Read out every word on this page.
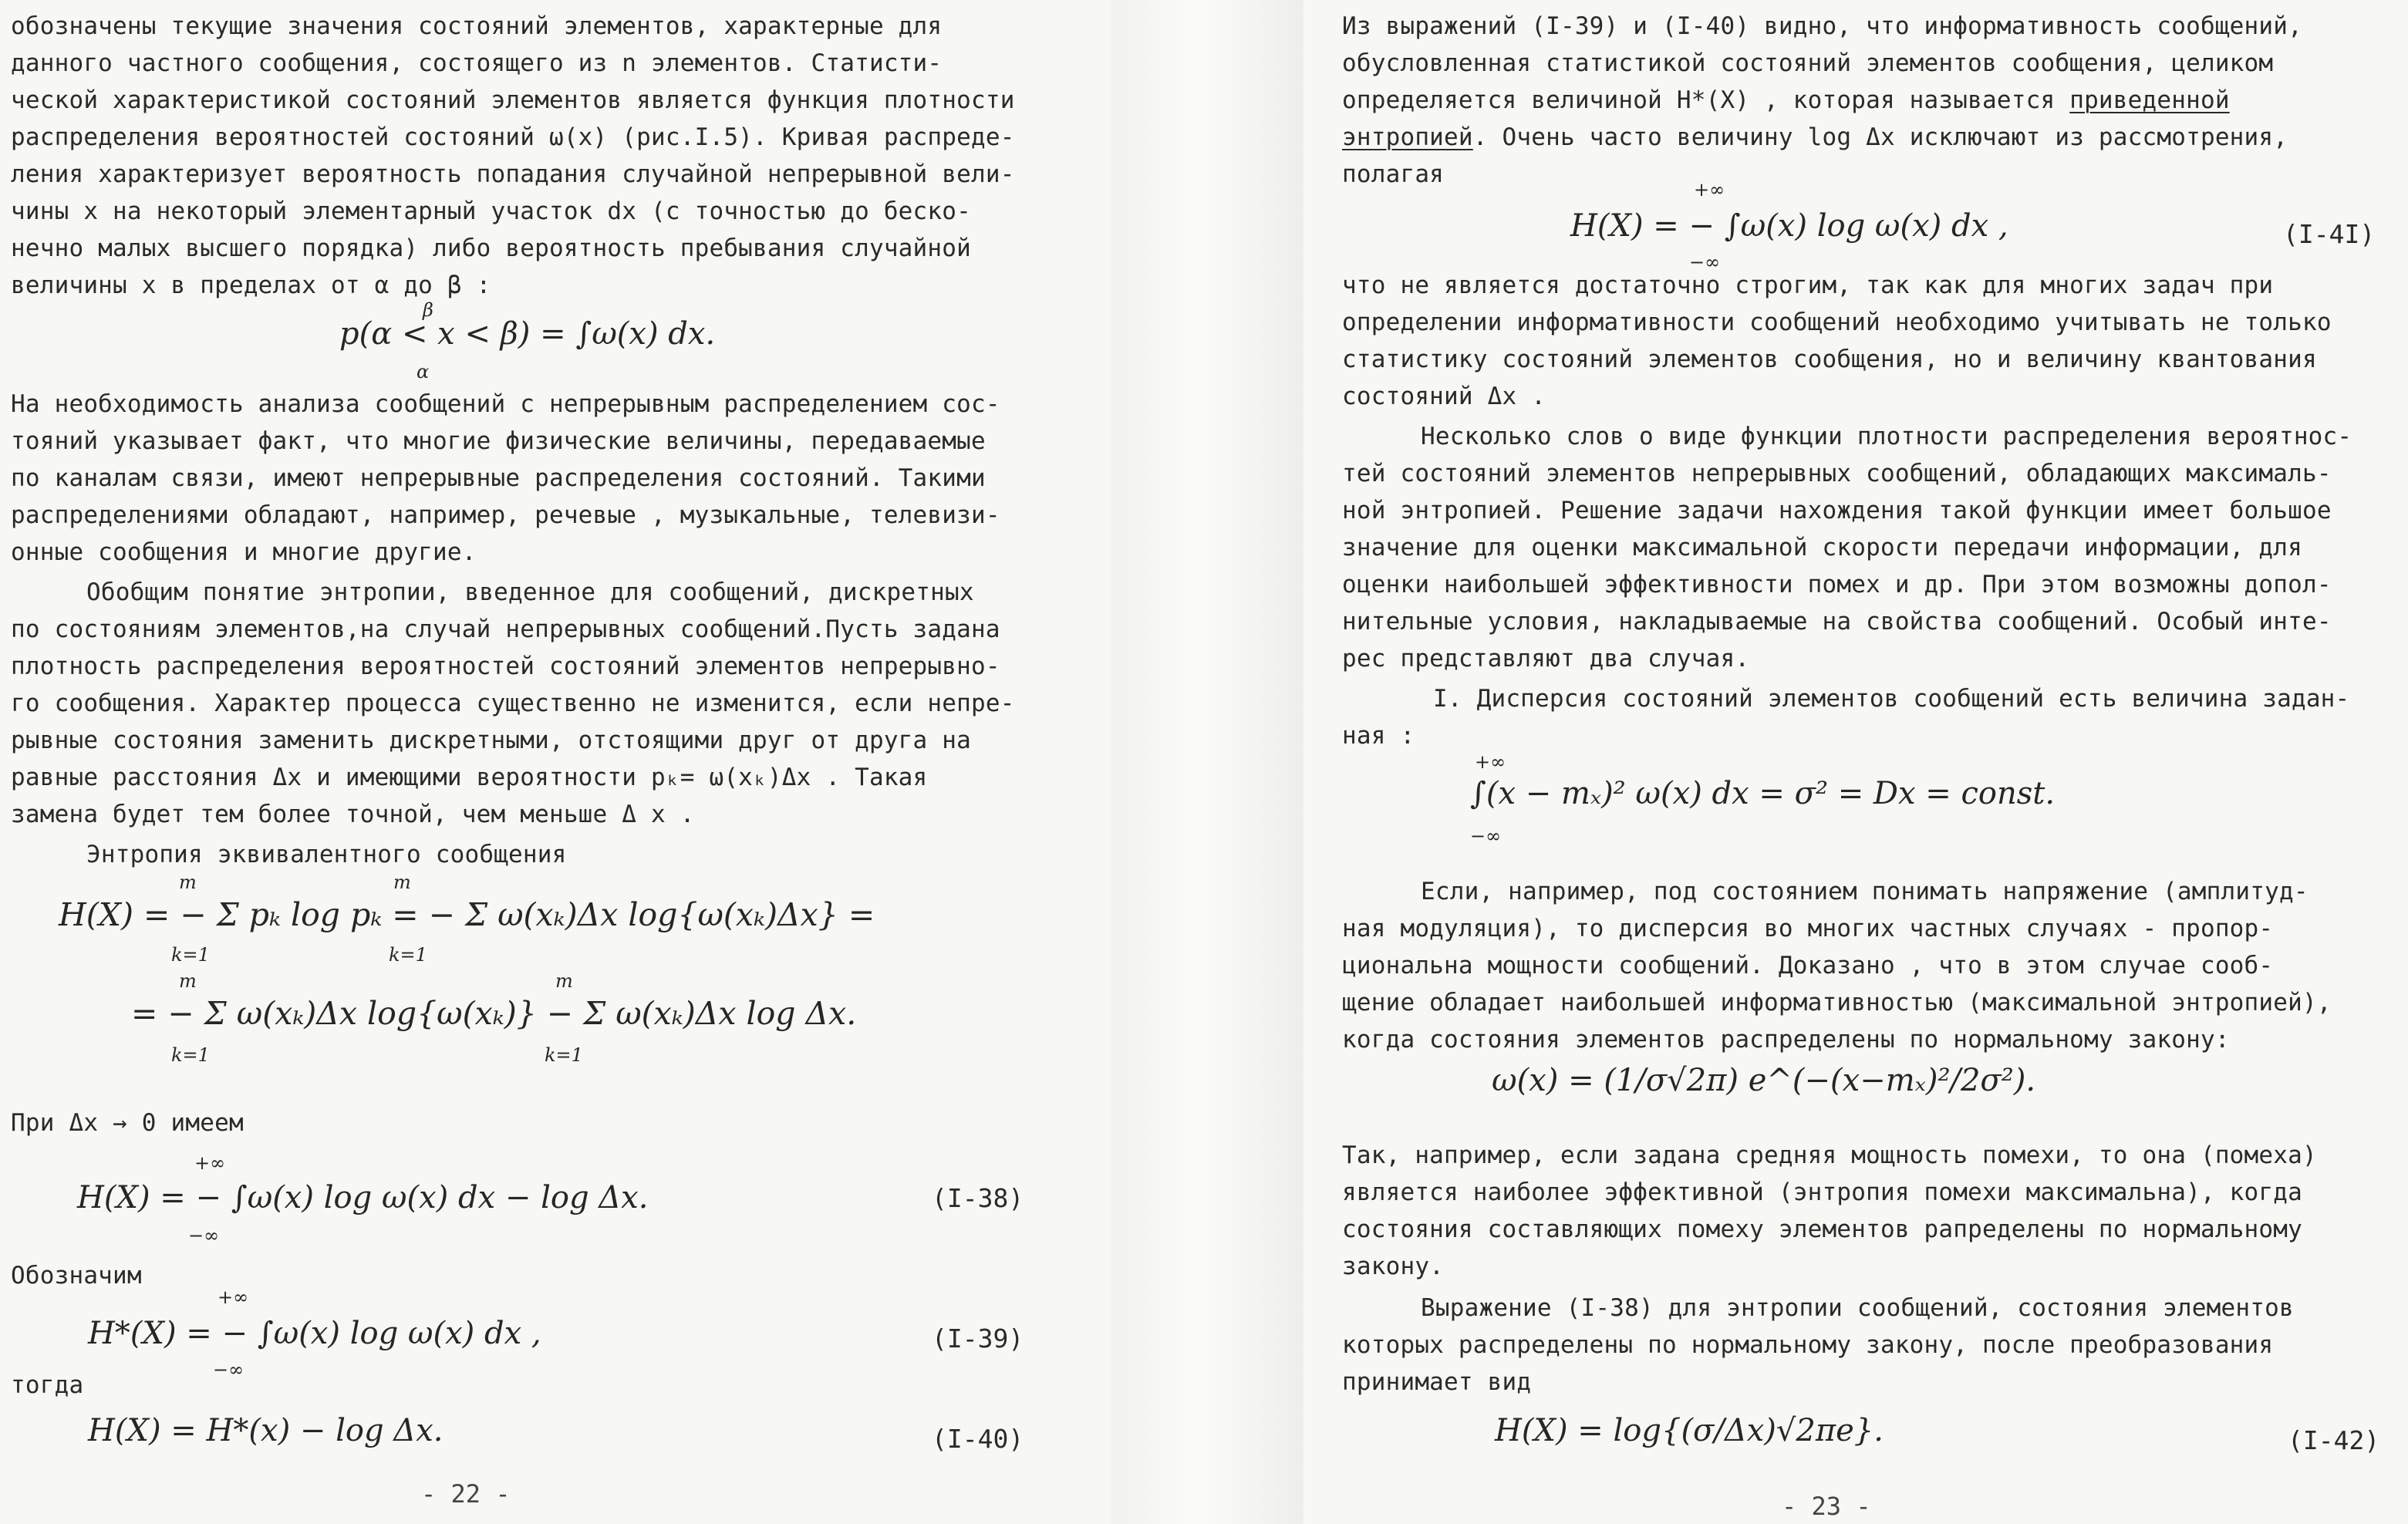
обозначены текущие значения состояний элементов, характерные для
данного частного сообщения, состоящего из n элементов. Статисти-
ческой характеристикой состояний элементов является функция плотности
распределения вероятностей состояний ω(x) (рис.I.5). Кривая распреде-
ления характеризует вероятность попадания случайной непрерывной вели-
чины x на некоторый элементарный участок dx (с точностью до беско-
нечно малых высшего порядка) либо вероятность пребывания случайной
величины x в пределах от α до β :
β
p(α < x < β) = ∫ω(x) dx.
α
На необходимость анализа сообщений с непрерывным распределением сос-
тояний указывает факт, что многие физические величины, передаваемые
по каналам связи, имеют непрерывные распределения состояний. Такими
распределениями обладают, например, речевые , музыкальные, телевизи-
онные сообщения и многие другие.
Обобщим понятие энтропии, введенное для сообщений, дискретных
по состояниям элементов,на случай непрерывных сообщений.Пусть задана
плотность распределения вероятностей состояний элементов непрерывно-
го сообщения. Характер процесса существенно не изменится, если непре-
рывные состояния заменить дискретными, отстоящими друг от друга на
равные расстояния Δx и имеющими вероятности pₖ= ω(xₖ)Δx . Такая
замена будет тем более точной, чем меньше Δ x .
Энтропия эквивалентного сообщения
m	m
H(X) = − Σ pₖ log pₖ = − Σ ω(xₖ)Δx log{ω(xₖ)Δx} =
k=1	k=1
m	m
= − Σ ω(xₖ)Δx log{ω(xₖ)} − Σ ω(xₖ)Δx log Δx.
k=1	k=1
При Δx → 0 имеем
+∞
H(X) = − ∫ω(x) log ω(x) dx − log Δx.
−∞
(I-38)
Обозначим
+∞
H*(X) = − ∫ω(x) log ω(x) dx ,
−∞
(I-39)
тогда
H(X) = H*(x) − log Δx.	(I-40)
- 22 -
Из выражений (I-39) и (I-40) видно, что информативность сообщений,
обусловленная статистикой состояний элементов сообщения, целиком
определяется величиной H*(X) , которая называется приведенной
энтропией. Очень часто величину log Δx исключают из рассмотрения,
полагая
+∞
H(X) = − ∫ω(x) log ω(x) dx ,
−∞
(I-4I)
что не является достаточно строгим, так как для многих задач при
определении информативности сообщений необходимо учитывать не только
статистику состояний элементов сообщения, но и величину квантования
состояний Δx .
Несколько слов о виде функции плотности распределения вероятнос-
тей состояний элементов непрерывных сообщений, обладающих максималь-
ной энтропией. Решение задачи нахождения такой функции имеет большое
значение для оценки максимальной скорости передачи информации, для
оценки наибольшей эффективности помех и др. При этом возможны допол-
нительные условия, накладываемые на свойства сообщений. Особый инте-
рес представляют два случая.
I. Дисперсия состояний элементов сообщений есть величина задан-
ная :
+∞
∫(x − mₓ)² ω(x) dx = σ² = Dx = const.
−∞
Если, например, под состоянием понимать напряжение (амплитуд-
ная модуляция), то дисперсия во многих частных случаях - пропор-
циональна мощности сообщений. Доказано , что в этом случае сооб-
щение обладает наибольшей информативностью (максимальной энтропией),
когда состояния элементов распределены по нормальному закону:
ω(x) = (1/σ√2π) e^(−(x−mₓ)²/2σ²).
Так, например, если задана средняя мощность помехи, то она (помеха)
является наиболее эффективной (энтропия помехи максимальна), когда
состояния составляющих помеху элементов рапределены по нормальному
закону.
Выражение (I-38) для энтропии сообщений, состояния элементов
которых распределены по нормальному закону, после преобразования
принимает вид
H(X) = log{(σ/Δx)√2πe}.	(I-42)
- 23 -
